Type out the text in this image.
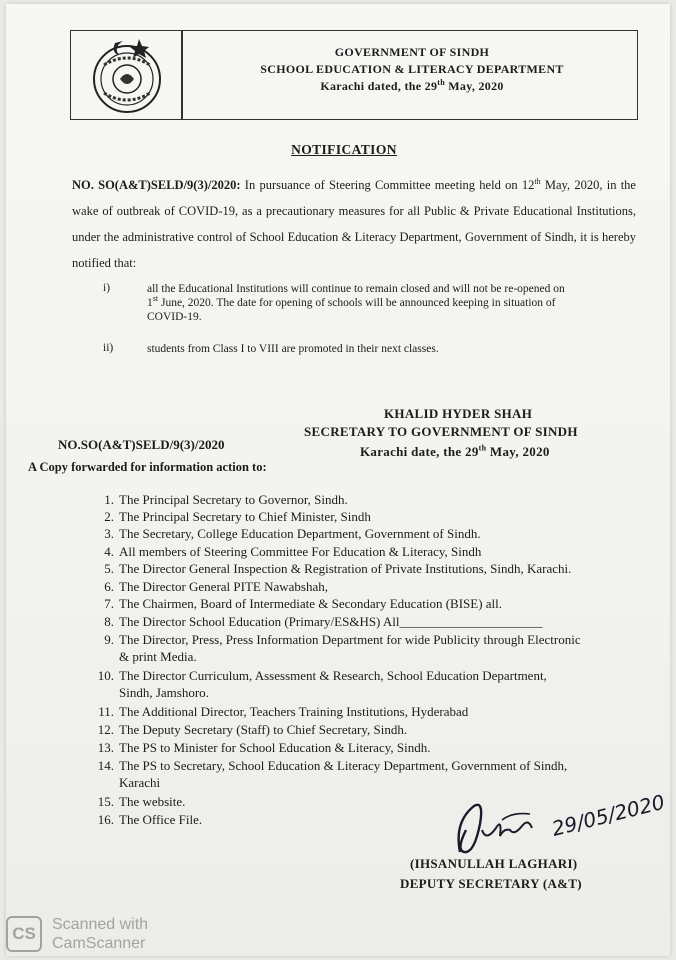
GOVERNMENT OF SINDH
SCHOOL EDUCATION & LITERACY DEPARTMENT
Karachi dated, the 29th May, 2020
NOTIFICATION
NO. SO(A&T)SELD/9(3)/2020: In pursuance of Steering Committee meeting held on 12th May, 2020, in the wake of outbreak of COVID-19, as a precautionary measures for all Public & Private Educational Institutions, under the administrative control of School Education & Literacy Department, Government of Sindh, it is hereby notified that:
i)	all the Educational Institutions will continue to remain closed and will not be re-opened on
1st June, 2020. The date for opening of schools will be announced keeping in situation of
COVID-19.
ii)	students from Class I to VIII are promoted in their next classes.
KHALID HYDER SHAH
SECRETARY TO GOVERNMENT OF SINDH
Karachi date, the 29th May, 2020
NO.SO(A&T)SELD/9(3)/2020
A Copy forwarded for information action to:
1. The Principal Secretary to Governor, Sindh.
2. The Principal Secretary to Chief Minister, Sindh
3. The Secretary, College Education Department, Government of Sindh.
4. All members of Steering Committee For Education & Literacy, Sindh
5. The Director General Inspection & Registration of Private Institutions, Sindh, Karachi.
6. The Director General PITE Nawabshah,
7. The Chairmen, Board of Intermediate & Secondary Education (BISE) all.
8. The Director School Education (Primary/ES&HS) All______________________
9. The Director, Press, Press Information Department for wide Publicity through Electronic
& print Media.
10. The Director Curriculum, Assessment & Research, School Education Department,
Sindh, Jamshoro.
11. The Additional Director, Teachers Training Institutions, Hyderabad
12. The Deputy Secretary (Staff) to Chief Secretary, Sindh.
13. The PS to Minister for School Education & Literacy, Sindh.
14. The PS to Secretary, School Education & Literacy Department, Government of Sindh,
Karachi
15. The website.
16. The Office File.	29/05/2020
(IHSANULLAH LAGHARI)
DEPUTY SECRETARY (A&T)
CS	Scanned with
CamScanner
